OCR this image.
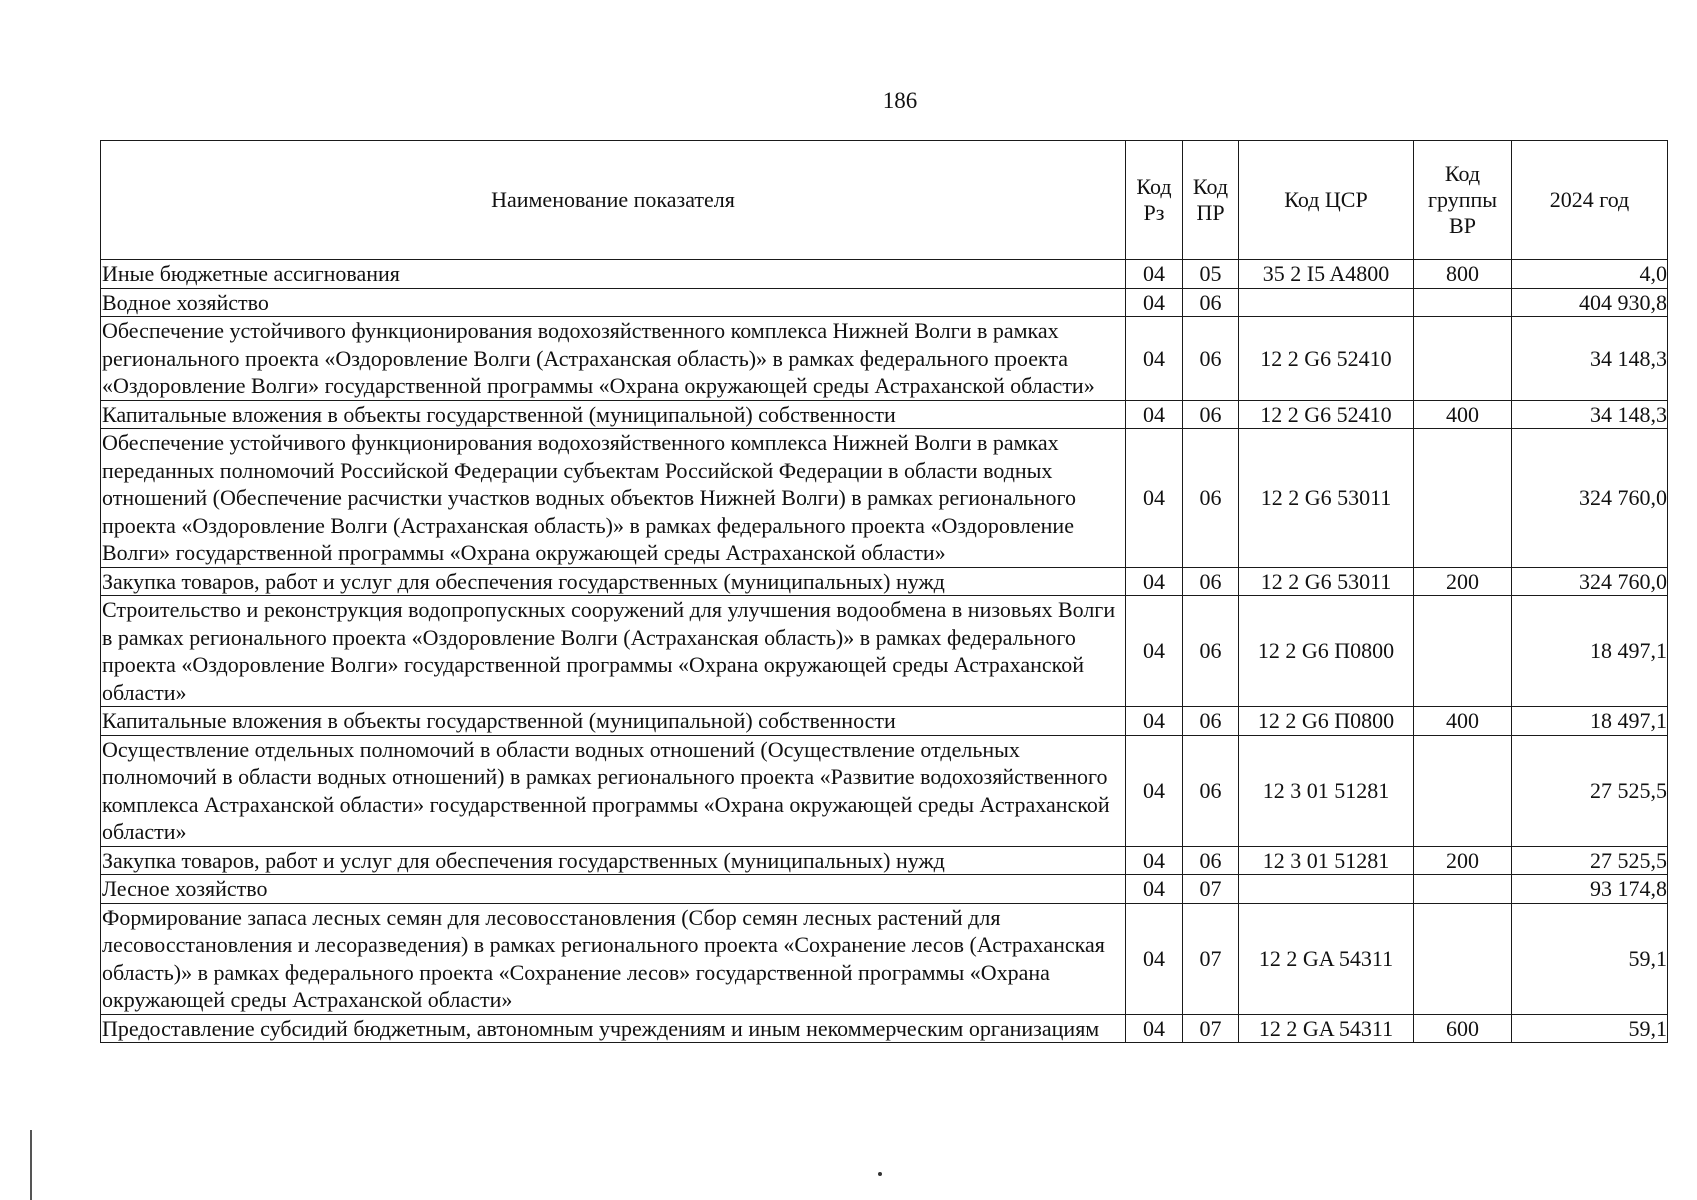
186
Наименование показателя	Код Рз	Код ПР	Код ЦСР	Код группы ВР	2024 год
Иные бюджетные ассигнования	04	05	35 2 I5 A4800	800	4,0
Водное хозяйство	04	06			404 930,8
Обеспечение устойчивого функционирования водохозяйственного комплекса Нижней Волги в рамках регионального проекта «Оздоровление Волги (Астраханская область)» в рамках федерального проекта «Оздоровление Волги» государственной программы «Охрана окружающей среды Астраханской области»	04	06	12 2 G6 52410		34 148,3
Капитальные вложения в объекты государственной (муниципальной) собственности	04	06	12 2 G6 52410	400	34 148,3
Обеспечение устойчивого функционирования водохозяйственного комплекса Нижней Волги в рамках переданных полномочий Российской Федерации субъектам Российской Федерации в области водных отношений (Обеспечение расчистки участков водных объектов Нижней Волги) в рамках регионального проекта «Оздоровление Волги (Астраханская область)» в рамках федерального проекта «Оздоровление Волги» государственной программы «Охрана окружающей среды Астраханской области»	04	06	12 2 G6 53011		324 760,0
Закупка товаров, работ и услуг для обеспечения государственных (муниципальных) нужд	04	06	12 2 G6 53011	200	324 760,0
Строительство и реконструкция водопропускных сооружений для улучшения водообмена в низовьях Волги в рамках регионального проекта «Оздоровление Волги (Астраханская область)» в рамках федерального проекта «Оздоровление Волги» государственной программы «Охрана окружающей среды Астраханской области»	04	06	12 2 G6 П0800		18 497,1
Капитальные вложения в объекты государственной (муниципальной) собственности	04	06	12 2 G6 П0800	400	18 497,1
Осуществление отдельных полномочий в области водных отношений (Осуществление отдельных полномочий в области водных отношений) в рамках регионального проекта «Развитие водохозяйственного комплекса Астраханской области» государственной программы «Охрана окружающей среды Астраханской области»	04	06	12 3 01 51281		27 525,5
Закупка товаров, работ и услуг для обеспечения государственных (муниципальных) нужд	04	06	12 3 01 51281	200	27 525,5
Лесное хозяйство	04	07			93 174,8
Формирование запаса лесных семян для лесовосстановления (Сбор семян лесных растений для лесовосстановления и лесоразведения) в рамках регионального проекта «Сохранение лесов (Астраханская область)» в рамках федерального проекта «Сохранение лесов» государственной программы «Охрана окружающей среды Астраханской области»	04	07	12 2 GA 54311		59,1
Предоставление субсидий бюджетным, автономным учреждениям и иным некоммерческим организациям	04	07	12 2 GA 54311	600	59,1
